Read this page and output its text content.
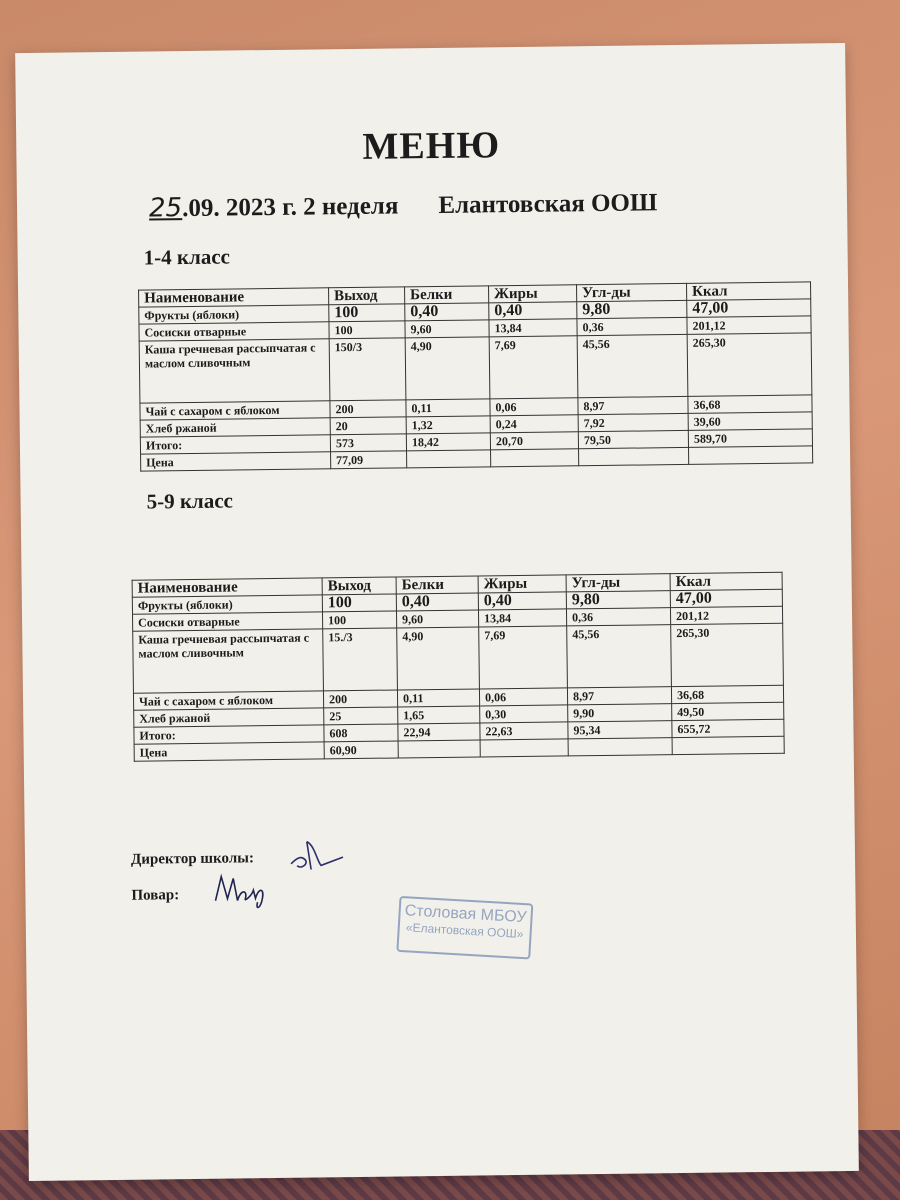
МЕНЮ
25.09. 2023 г. 2 неделя Елантовская ООШ
1-4 класс
Наименование	Выход	Белки	Жиры	Угл-ды	Ккал
Фрукты (яблоки)	100	0,40	0,40	9,80	47,00
Сосиски отварные	100	9,60	13,84	0,36	201,12
Каша гречневая рассыпчатая с маслом сливочным	150/3	4,90	7,69	45,56	265,30
Чай с сахаром с яблоком	200	0,11	0,06	8,97	36,68
Хлеб ржаной	20	1,32	0,24	7,92	39,60
Итого:	573	18,42	20,70	79,50	589,70
Цена	77,09				
5-9 класс
Наименование	Выход	Белки	Жиры	Угл-ды	Ккал
Фрукты (яблоки)	100	0,40	0,40	9,80	47,00
Сосиски отварные	100	9,60	13,84	0,36	201,12
Каша гречневая рассыпчатая с маслом сливочным	15./3	4,90	7,69	45,56	265,30
Чай с сахаром с яблоком	200	0,11	0,06	8,97	36,68
Хлеб ржаной	25	1,65	0,30	9,90	49,50
Итого:	608	22,94	22,63	95,34	655,72
Цена	60,90				
Директор школы:
Повар:
Столовая МБОУ
«Елантовская ООШ»
